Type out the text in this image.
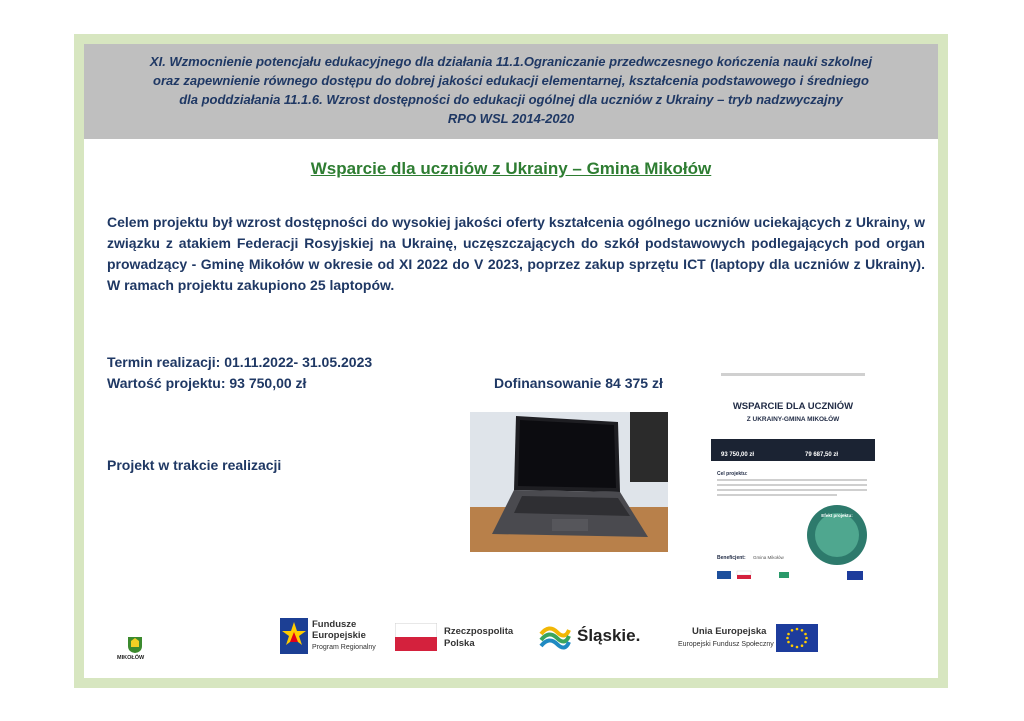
XI. Wzmocnienie potencjału edukacyjnego dla działania 11.1.Ograniczanie przedwczesnego kończenia nauki szkolnej
oraz zapewnienie równego dostępu do dobrej jakości edukacji elementarnej, kształcenia podstawowego i średniego
dla poddziałania 11.1.6. Wzrost dostępności do edukacji ogólnej dla uczniów z Ukrainy – tryb nadzwyczajny
RPO WSL 2014-2020
Wsparcie dla uczniów z Ukrainy – Gmina Mikołów
Celem projektu był wzrost dostępności do wysokiej jakości oferty kształcenia ogólnego uczniów uciekających z Ukrainy, w związku z atakiem Federacji Rosyjskiej na Ukrainę, uczęszczających do szkół podstawowych podlegających pod organ prowadzący - Gminę Mikołów w okresie od XI 2022 do V 2023, poprzez zakup sprzętu ICT (laptopy dla uczniów z Ukrainy). W ramach projektu zakupiono 25 laptopów.
Termin realizacji: 01.11.2022- 31.05.2023
Wartość projektu: 93 750,00 zł	Dofinansowanie 84 375 zł
Projekt w trakcie realizacji
WSPARCIE DLA UCZNIÓW
Z UKRAINY-GMINA MIKOŁÓW
93 750,00 zł	79 687,50 zł
Cel projektu:
Efekt projektu:
Beneficjent: Gmina Mikołów
Fundusze
Europejskie
Program Regionalny
Rzeczpospolita
Polska	Śląskie.	Unia Europejska
Europejski Fundusz Społeczny
MIKOŁÓW
